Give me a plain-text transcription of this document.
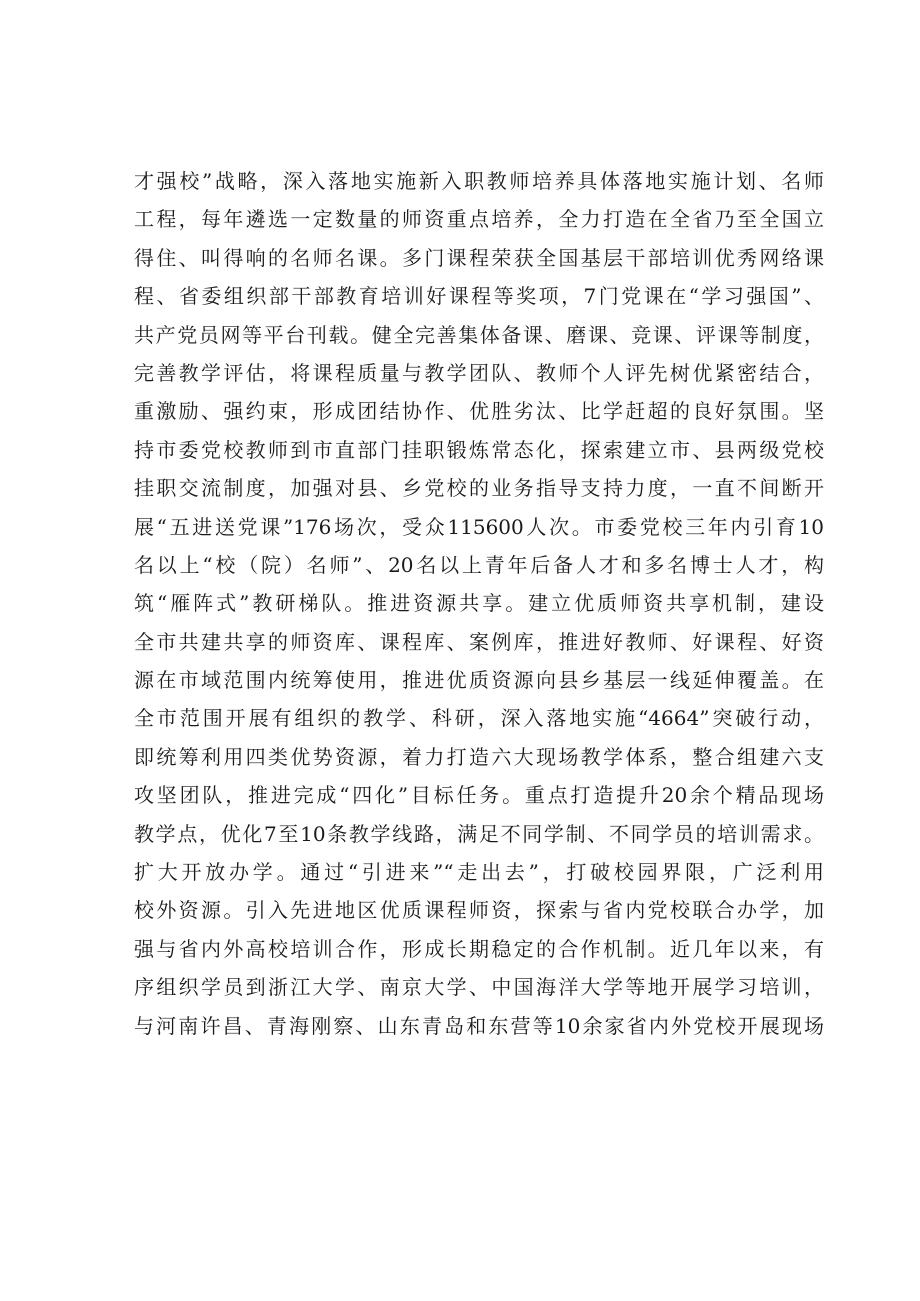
才强校”战略，深入落地实施新入职教师培养具体落地实施计划、名师
工程，每年遴选一定数量的师资重点培养，全力打造在全省乃至全国立
得住、叫得响的名师名课。多门课程荣获全国基层干部培训优秀网络课
程、省委组织部干部教育培训好课程等奖项，7门党课在“学习强国”、
共产党员网等平台刊载。健全完善集体备课、磨课、竞课、评课等制度，
完善教学评估，将课程质量与教学团队、教师个人评先树优紧密结合，
重激励、强约束，形成团结协作、优胜劣汰、比学赶超的良好氛围。坚
持市委党校教师到市直部门挂职锻炼常态化，探索建立市、县两级党校
挂职交流制度，加强对县、乡党校的业务指导支持力度，一直不间断开
展“五进送党课”176场次，受众115600人次。市委党校三年内引育10
名以上“校（院）名师”、20名以上青年后备人才和多名博士人才，构
筑“雁阵式”教研梯队。推进资源共享。建立优质师资共享机制，建设
全市共建共享的师资库、课程库、案例库，推进好教师、好课程、好资
源在市域范围内统筹使用，推进优质资源向县乡基层一线延伸覆盖。在
全市范围开展有组织的教学、科研，深入落地实施“4664”突破行动，
即统筹利用四类优势资源，着力打造六大现场教学体系，整合组建六支
攻坚团队，推进完成“四化”目标任务。重点打造提升20余个精品现场
教学点，优化7至10条教学线路，满足不同学制、不同学员的培训需求。
扩大开放办学。通过“引进来”“走出去”，打破校园界限，广泛利用
校外资源。引入先进地区优质课程师资，探索与省内党校联合办学，加
强与省内外高校培训合作，形成长期稳定的合作机制。近几年以来，有
序组织学员到浙江大学、南京大学、中国海洋大学等地开展学习培训，
与河南许昌、青海刚察、山东青岛和东营等10余家省内外党校开展现场
